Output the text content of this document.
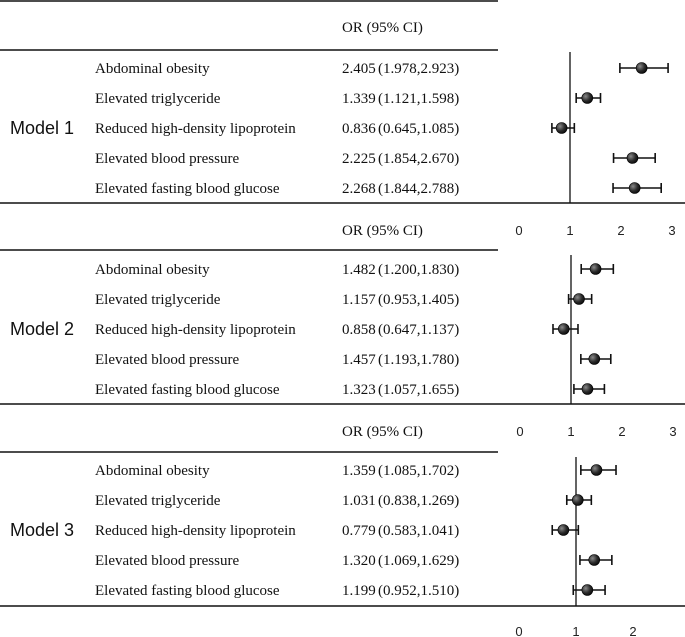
OR (95% CI)
Model 1
Abdominal obesity	2.405 (1.978,2.923)
Elevated triglyceride	1.339 (1.121,1.598)
Reduced high-density lipoprotein	0.836 (0.645,1.085)
Elevated blood pressure	2.225 (1.854,2.670)
Elevated fasting blood glucose	2.268 (1.844,2.788)
0	1	2	3
OR (95% CI)
Model 2
Abdominal obesity	1.482 (1.200,1.830)
Elevated triglyceride	1.157 (0.953,1.405)
Reduced high-density lipoprotein	0.858 (0.647,1.137)
Elevated blood pressure	1.457 (1.193,1.780)
Elevated fasting blood glucose	1.323 (1.057,1.655)
0	1	2	3
OR (95% CI)
Model 3
Abdominal obesity	1.359 (1.085,1.702)
Elevated triglyceride	1.031 (0.838,1.269)
Reduced high-density lipoprotein	0.779 (0.583,1.041)
Elevated blood pressure	1.320 (1.069,1.629)
Elevated fasting blood glucose	1.199 (0.952,1.510)
0	1	2
